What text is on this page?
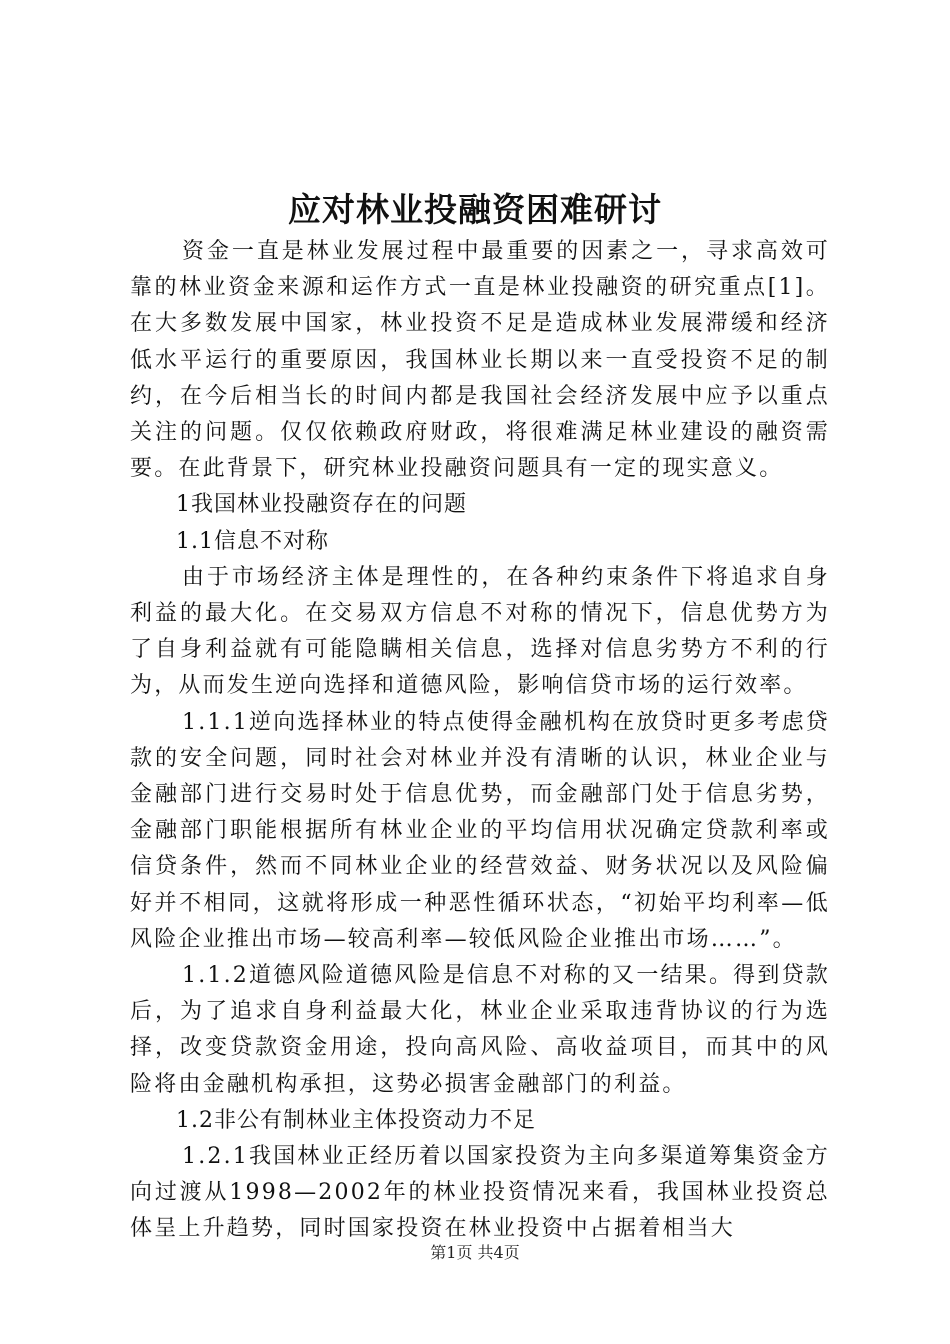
应对林业投融资困难研讨

资金一直是林业发展过程中最重要的因素之一，寻求高效可靠的林业资金来源和运作方式一直是林业投融资的研究重点[1]。在大多数发展中国家，林业投资不足是造成林业发展滞缓和经济低水平运行的重要原因，我国林业长期以来一直受投资不足的制约，在今后相当长的时间内都是我国社会经济发展中应予以重点关注的问题。仅仅依赖政府财政，将很难满足林业建设的融资需要。在此背景下，研究林业投融资问题具有一定的现实意义。

1我国林业投融资存在的问题

1.1信息不对称

由于市场经济主体是理性的，在各种约束条件下将追求自身利益的最大化。在交易双方信息不对称的情况下，信息优势方为了自身利益就有可能隐瞒相关信息，选择对信息劣势方不利的行为，从而发生逆向选择和道德风险，影响信贷市场的运行效率。

1.1.1逆向选择林业的特点使得金融机构在放贷时更多考虑贷款的安全问题，同时社会对林业并没有清晰的认识，林业企业与金融部门进行交易时处于信息优势，而金融部门处于信息劣势，金融部门职能根据所有林业企业的平均信用状况确定贷款利率或信贷条件，然而不同林业企业的经营效益、财务状况以及风险偏好并不相同，这就将形成一种恶性循环状态，“初始平均利率—低风险企业推出市场—较高利率—较低风险企业推出市场……”。

1.1.2道德风险道德风险是信息不对称的又一结果。得到贷款后，为了追求自身利益最大化，林业企业采取违背协议的行为选择，改变贷款资金用途，投向高风险、高收益项目，而其中的风险将由金融机构承担，这势必损害金融部门的利益。

1.2非公有制林业主体投资动力不足

1.2.1我国林业正经历着以国家投资为主向多渠道筹集资金方向过渡从1998—2002年的林业投资情况来看，我国林业投资总体呈上升趋势，同时国家投资在林业投资中占据着相当大

第1页 共4页
